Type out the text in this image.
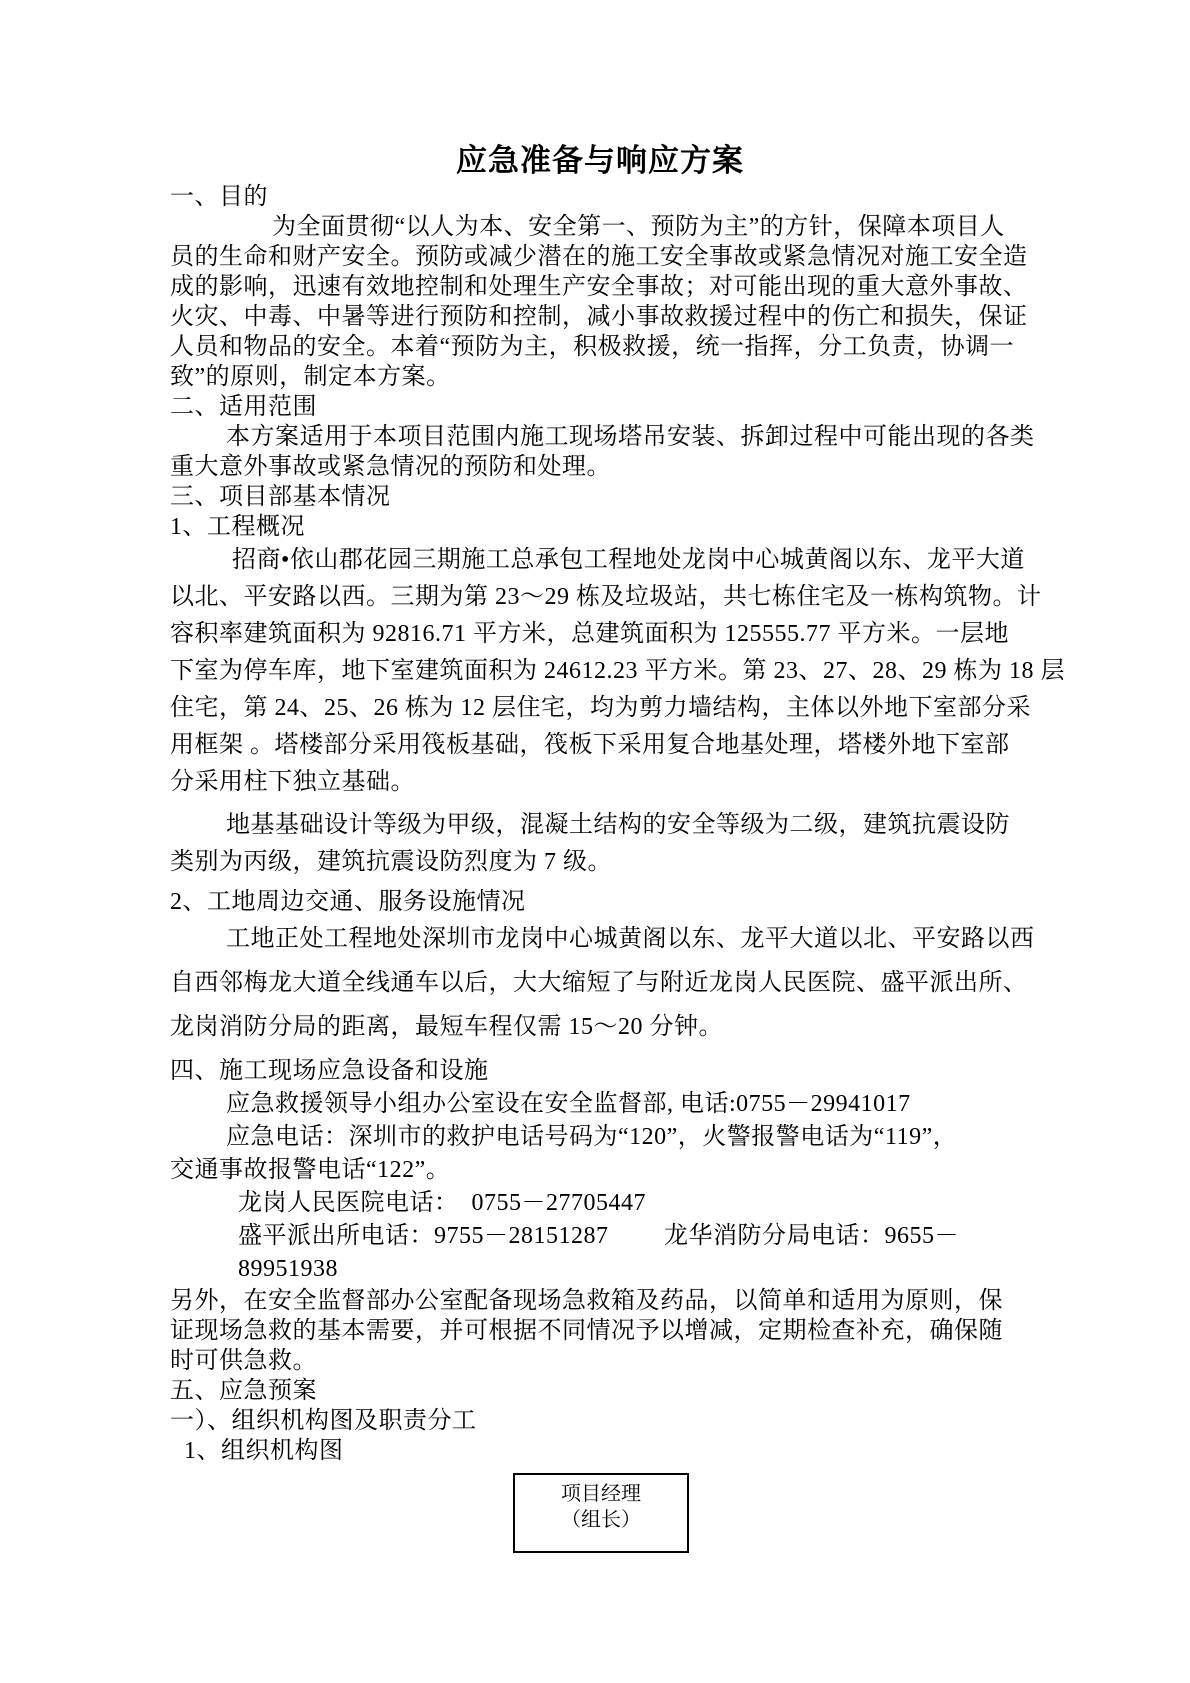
应急准备与响应方案
一、目的
为全面贯彻“以人为本、安全第一、预防为主”的方针，保障本项目人
员的生命和财产安全。预防或减少潜在的施工安全事故或紧急情况对施工安全造
成的影响，迅速有效地控制和处理生产安全事故；对可能出现的重大意外事故、
火灾、中毒、中暑等进行预防和控制，减小事故救援过程中的伤亡和损失，保证
人员和物品的安全。本着“预防为主，积极救援，统一指挥，分工负责，协调一
致”的原则，制定本方案。
二、适用范围
本方案适用于本项目范围内施工现场塔吊安装、拆卸过程中可能出现的各类
重大意外事故或紧急情况的预防和处理。
三、项目部基本情况
1、工程概况
招商•依山郡花园三期施工总承包工程地处龙岗中心城黄阁以东、龙平大道
以北、平安路以西。三期为第 23～29 栋及垃圾站，共七栋住宅及一栋构筑物。计
容积率建筑面积为 92816.71 平方米，总建筑面积为 125555.77 平方米。一层地
下室为停车库，地下室建筑面积为 24612.23 平方米。第 23、27、28、29 栋为 18 层
住宅，第 24、25、26 栋为 12 层住宅，均为剪力墙结构，主体以外地下室部分采
用框架 。塔楼部分采用筏板基础，筏板下采用复合地基处理，塔楼外地下室部
分采用柱下独立基础。
地基基础设计等级为甲级，混凝土结构的安全等级为二级，建筑抗震设防
类别为丙级，建筑抗震设防烈度为 7 级。
2、工地周边交通、服务设施情况
工地正处工程地处深圳市龙岗中心城黄阁以东、龙平大道以北、平安路以西
自西邻梅龙大道全线通车以后，大大缩短了与附近龙岗人民医院、盛平派出所、
龙岗消防分局的距离，最短车程仅需 15～20 分钟。
四、施工现场应急设备和设施
应急救援领导小组办公室设在安全监督部, 电话:0755－29941017
应急电话：深圳市的救护电话号码为“120”，火警报警电话为“119”，
交通事故报警电话“122”。
龙岗人民医院电话：  0755－27705447
盛平派出所电话：9755－28151287　　 龙华消防分局电话：9655－
89951938
另外，在安全监督部办公室配备现场急救箱及药品，以简单和适用为原则，保
证现场急救的基本需要，并可根据不同情况予以增减，定期检查补充，确保随
时可供急救。
五、应急预案
一）、组织机构图及职责分工
1、组织机构图
项目经理
（组长）
